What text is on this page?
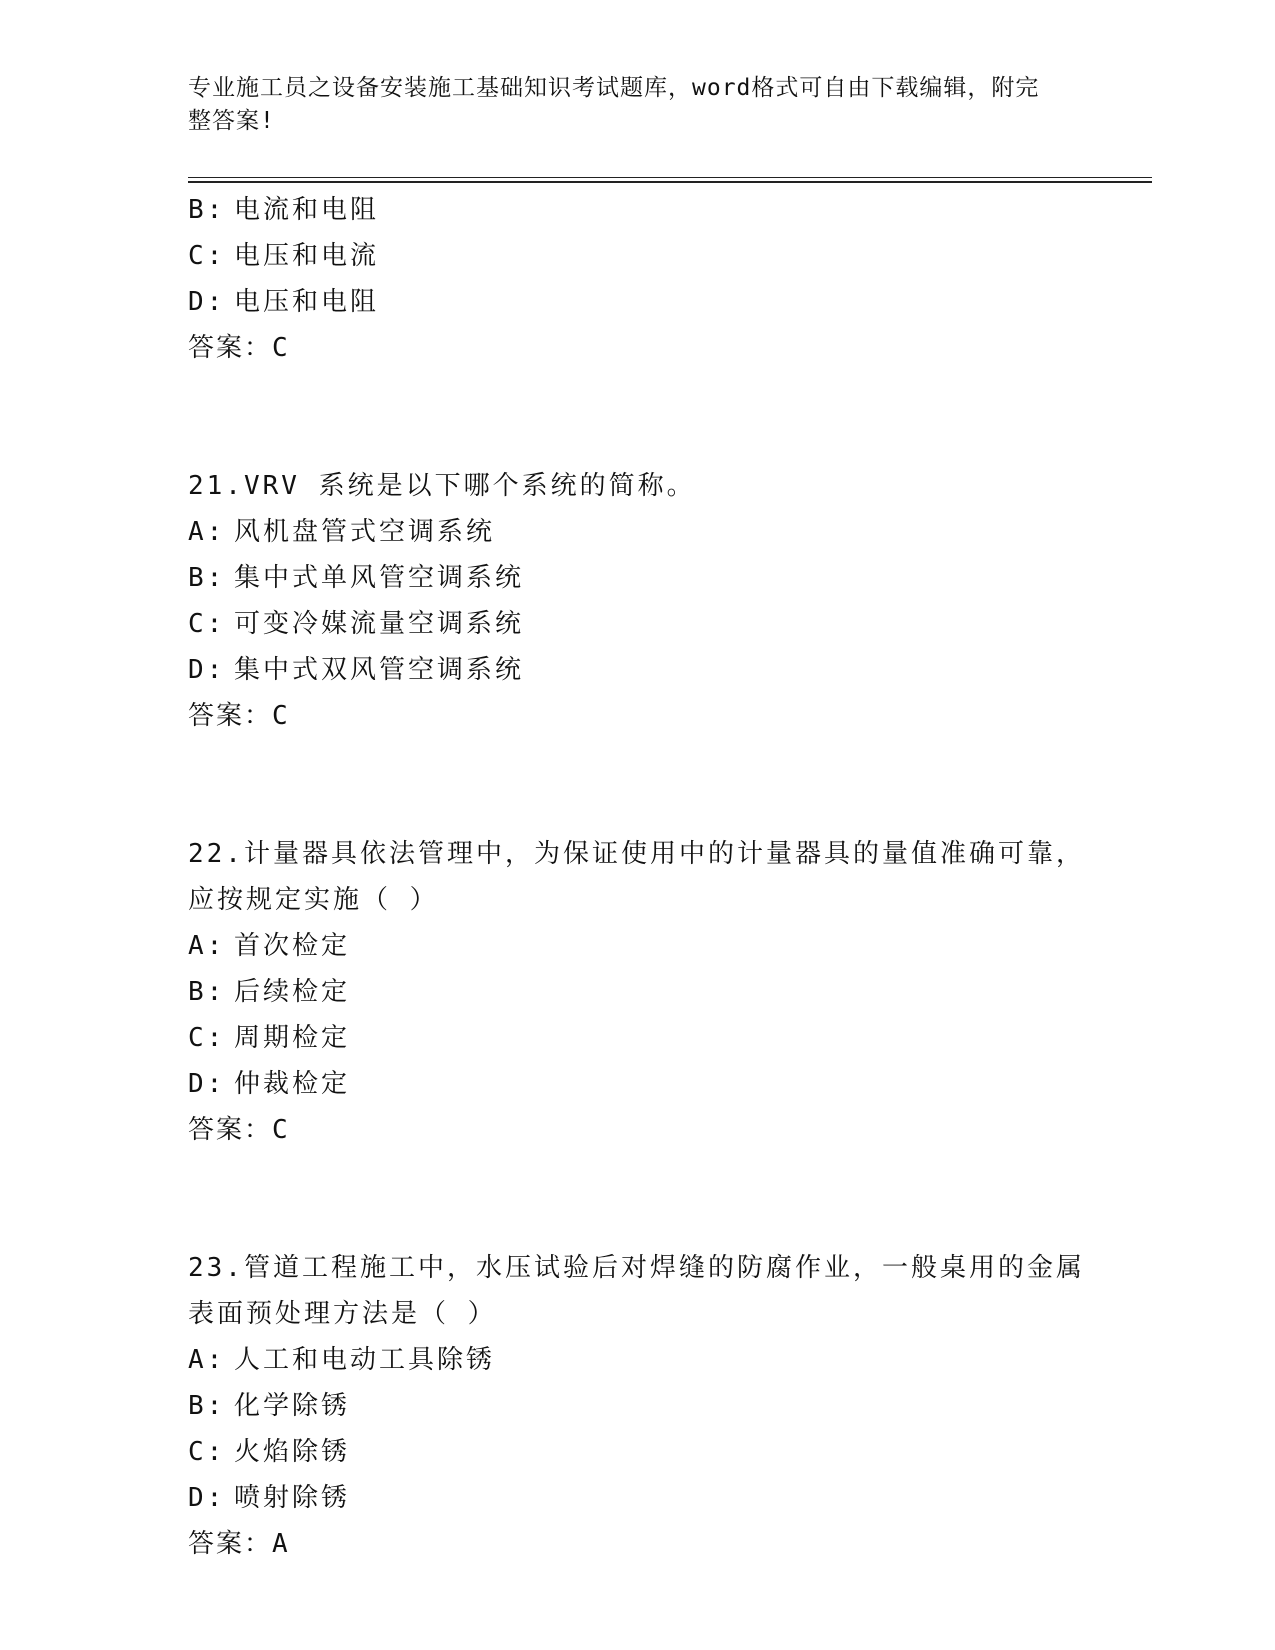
专业施工员之设备安装施工基础知识考试题库，word格式可自由下载编辑，附完
整答案!
B: 电流和电阻
C: 电压和电流
D: 电压和电阻
答案：C
21.VRV 系统是以下哪个系统的简称。
A: 风机盘管式空调系统
B: 集中式单风管空调系统
C: 可变冷媒流量空调系统
D: 集中式双风管空调系统
答案：C
22.计量器具依法管理中，为保证使用中的计量器具的量值准确可靠，
应按规定实施（ ）
A: 首次检定
B: 后续检定
C: 周期检定
D: 仲裁检定
答案：C
23.管道工程施工中，水压试验后对焊缝的防腐作业，一般桌用的金属
表面预处理方法是（ ）
A: 人工和电动工具除锈
B: 化学除锈
C: 火焰除锈
D: 喷射除锈
答案：A
